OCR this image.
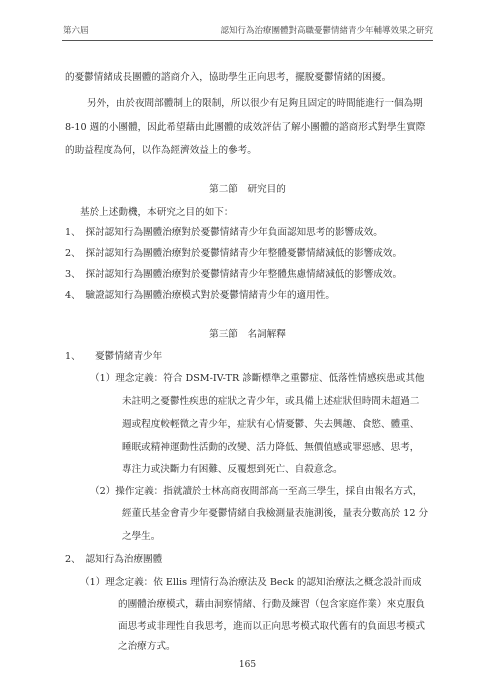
第六屆	認知行為治療團體對高職憂鬱情緒青少年輔導效果之研究
的憂鬱情緒成長團體的諮商介入，協助學生正向思考，擺脫憂鬱情緒的困擾。
另外，由於夜間部體制上的限制，所以很少有足夠且固定的時間能進行一個為期
8-10 週的小團體，因此希望藉由此團體的成效評估了解小團體的諮商形式對學生實際
的助益程度為何，以作為經濟效益上的參考。
第二節　研究目的
基於上述動機，本研究之目的如下：
1、　探討認知行為團體治療對於憂鬱情緒青少年負面認知思考的影響成效。
2、　探討認知行為團體治療對於憂鬱情緒青少年整體憂鬱情緒減低的影響成效。
3、　探討認知行為團體治療對於憂鬱情緒青少年整體焦慮情緒減低的影響成效。
4、　驗證認知行為團體治療模式對於憂鬱情緒青少年的適用性。
第三節　名詞解釋
1、　　憂鬱情緒青少年
（1）理念定義：符合 DSM-IV-TR 診斷標準之重鬱症、低落性情感疾患或其他
未註明之憂鬱性疾患的症狀之青少年，或具備上述症狀但時間未超過二
週或程度較輕微之青少年，症狀有心情憂鬱、失去興趣、食慾、體重、
睡眠或精神運動性活動的改變、活力降低、無價值感或罪惡感、思考，
專注力或決斷力有困難、反覆想到死亡、自殺意念。
（2）操作定義：指就讀於士林高商夜間部高一至高三學生，採自由報名方式，
經董氏基金會青少年憂鬱情緒自我檢測量表施測後，量表分數高於 12 分
之學生。
2、　認知行為治療團體
（1）理念定義：依 Ellis 理情行為治療法及 Beck 的認知治療法之概念設計而成
的團體治療模式，藉由洞察情緒、行動及練習（包含家庭作業）來克服負
面思考或非理性自我思考，進而以正向思考模式取代舊有的負面思考模式
之治療方式。
165
